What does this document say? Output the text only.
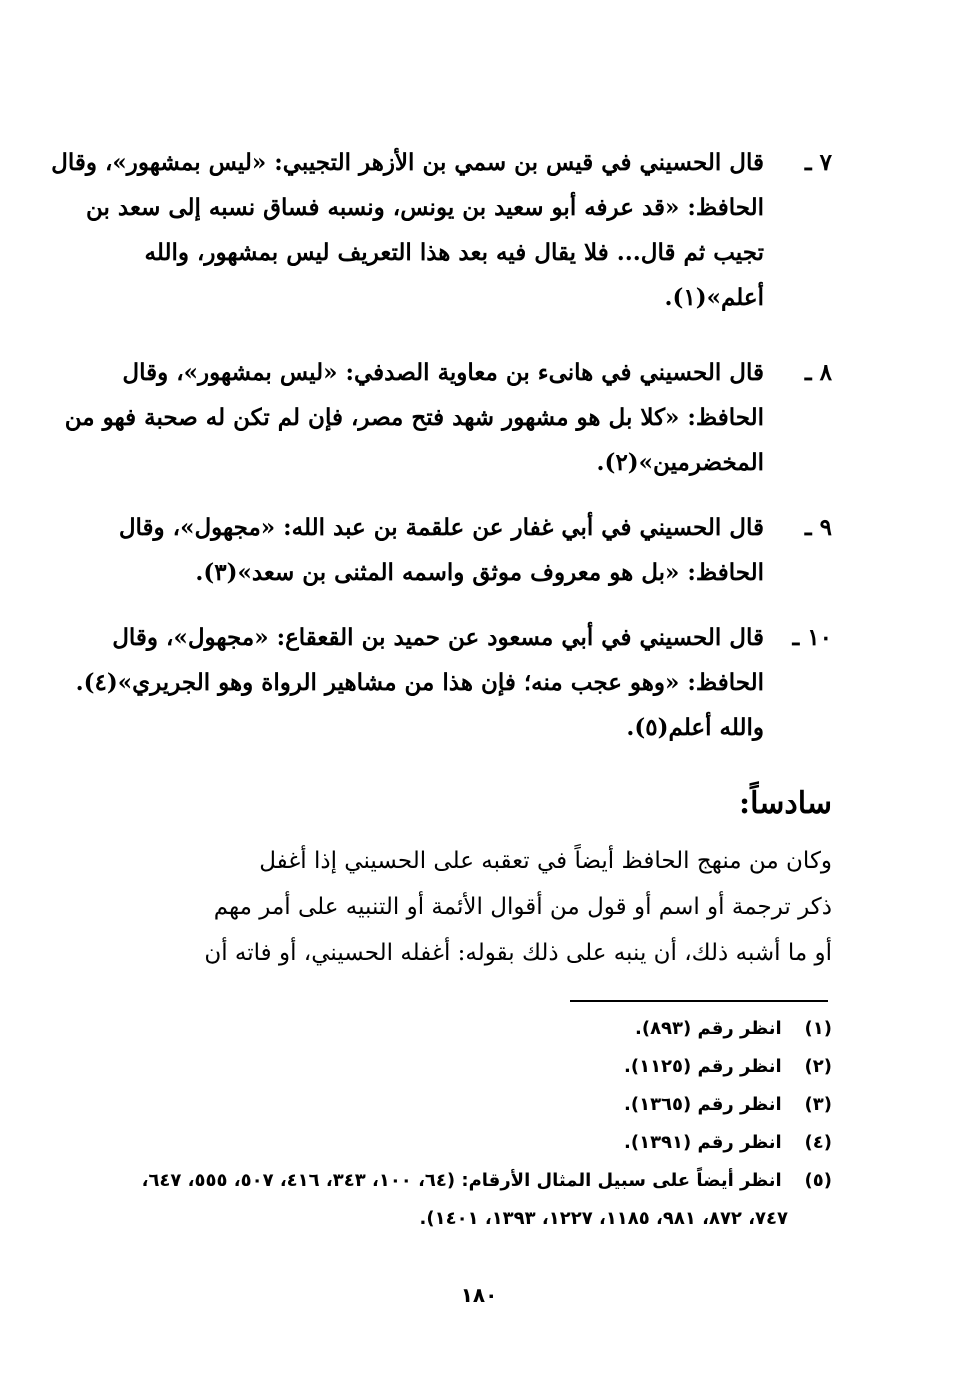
٧ ـ
قال الحسيني في قيس بن سمي بن الأزهر التجيبي: «ليس بمشهور»، وقال
الحافظ: «قد عرفه أبو سعيد بن يونس، ونسبه فساق نسبه إلى سعد بن
تجيب ثم قال... فلا يقال فيه بعد هذا التعريف ليس بمشهور، والله
أعلم»(١).
٨ ـ
قال الحسيني في هانىء بن معاوية الصدفي: «ليس بمشهور»، وقال
الحافظ: «كلا بل هو مشهور شهد فتح مصر، فإن لم تكن له صحبة فهو من
المخضرمين»(٢).
٩ ـ
قال الحسيني في أبي غفار عن علقمة بن عبد الله: «مجهول»، وقال
الحافظ: «بل هو معروف موثق واسمه المثنى بن سعد»(٣).
١٠ ـ
قال الحسيني في أبي مسعود عن حميد بن القعقاع: «مجهول»، وقال
الحافظ: «وهو عجب منه؛ فإن هذا من مشاهير الرواة وهو الجريري»(٤).
والله أعلم(٥).
سادساً:
وكان من منهج الحافظ أيضاً في تعقبه على الحسيني إذا أغفل
ذكر ترجمة أو اسم أو قول من أقوال الأئمة أو التنبيه على أمر مهم
أو ما أشبه ذلك، أن ينبه على ذلك بقوله: أغفله الحسيني، أو فاته أن
(١) انظر رقم (٨٩٣).
(٢) انظر رقم (١١٢٥).
(٣) انظر رقم (١٣٦٥).
(٤) انظر رقم (١٣٩١).
(٥) انظر أيضاً على سبيل المثال الأرقام: (٦٤، ١٠٠، ٣٤٣، ٤١٦، ٥٠٧، ٥٥٥، ٦٤٧،
٧٤٧، ٨٧٢، ٩٨١، ١١٨٥، ١٢٢٧، ١٣٩٣، ١٤٠١).
١٨٠
